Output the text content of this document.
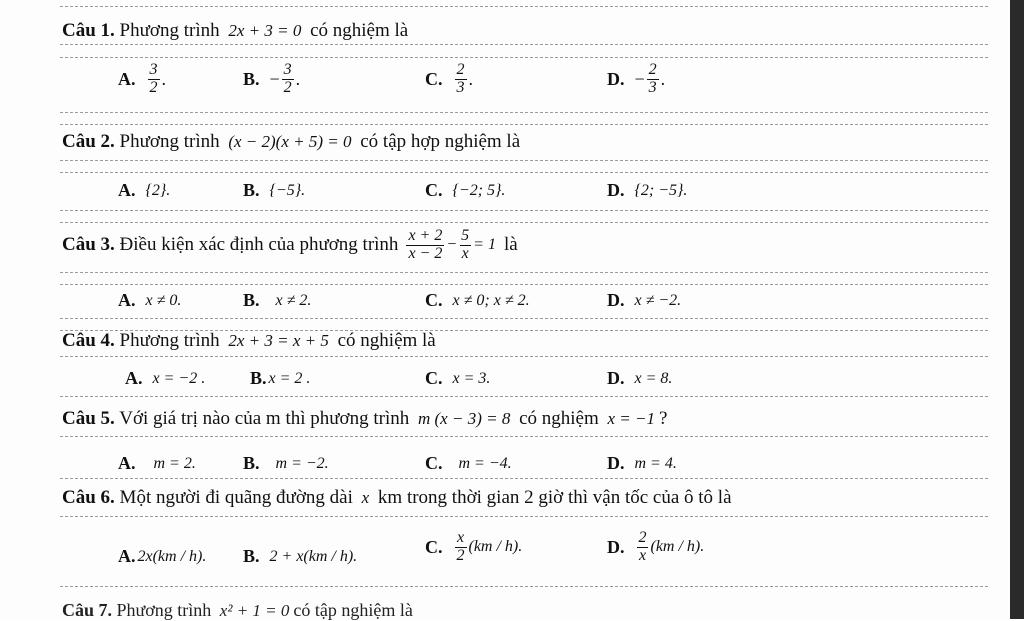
Câu 1. Phương trình 2x + 3 = 0 có nghiệm là
A. $\frac{3}{2}$ .	B. − $\frac{3}{2}$ .	C. $\frac{2}{3}$ .	D. − $\frac{2}{3}$ .
Câu 2. Phương trình (x − 2)(x + 5) = 0 có tập hợp nghiệm là
A. {2}.	B. {−5}.	C. {−2; 5}.	D. {2; −5}.
Câu 3.
Điều kiện xác định của phương trình $\frac{x + 2}{x - 2} - \frac{5}{x} = 1$ là
A. x ≠ 0.	B. x ≠ 2.	C. x ≠ 0; x ≠ 2.	D. x ≠ −2.
Câu 4. Phương trình 2x + 3 = x + 5 có nghiệm là
A. x = −2 . B. x = 2 .	C. x = 3.	D. x = 8.
Câu 5. Với giá trị nào của m thì phương trình m (x − 3) = 8 có nghiệm x = −1 ?
A. m = 2.	B. m = −2.	C. m = −4.	D. m = 4.
Câu 6. Một người đi quãng đường dài x km trong thời gian 2 giờ thì vận tốc của ô tô là
A. 2x(km / h). B. 2 + x(km / h).	C. $\frac{x}{2} (km / h)$.	D. $\frac{2}{x} (km / h)$.
Câu 7. Phương trình x² + 1 = 0 có tập nghiệm là
